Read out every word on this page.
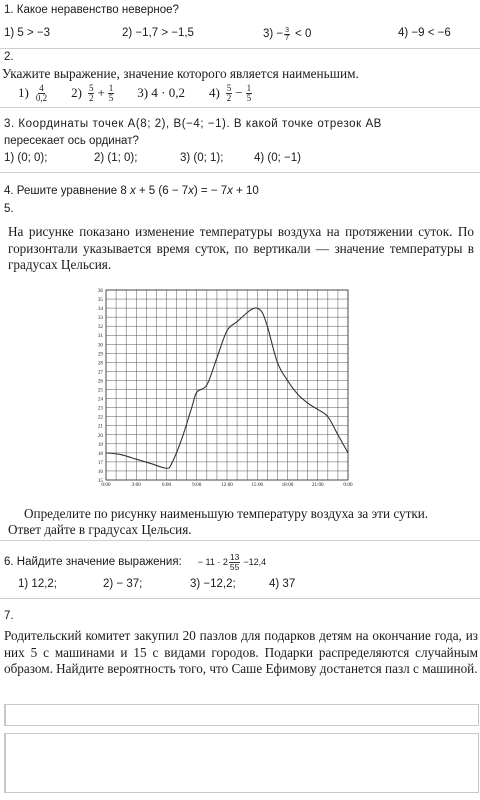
1. Какое неравенство неверное?
1) 5 > −3	2) −1,7 > −1,5	$3) - \frac{3}{7} < 0$	4) −9 < −6
2.
Укажите выражение, значение которого является наименьшим.
$1) \frac{4}{0,2} 2) \frac{5}{2} + \frac{1}{5} 3$) 4 · 0,2 $4) \frac{5}{2} - \frac{1}{5}$
3. Координаты точек A(8; 2), B(−4; −1). В какой точке отрезок AB
пересекает ось ординат?
1) (0; 0);	2) (1; 0);	3) (0; 1);	4) (0; −1)
4. Решите уравнение 8 x + 5 (6 − 7x) = − 7x + 10
5.
На рисунке показано изменение температуры воздуха на протяжении суток. По горизонтали указывается время суток, по вертикали — значение температуры в градусах Цельсия.
15
16
17
18
19
20
21
22
23
24
25
26
27
28
29
30
31
32
33
34
35
36
0:00	3:00	6:00	9:00	12:00	15:00	18:00	21:00	0:00
Определите по рисунку наименьшую температуру воздуха за эти сутки.
Ответ дайте в градусах Цельсия.
6. Найдите значение выражения: − $11 \cdot 2 \frac{13}{55} -12,4$
1) 12,2;	2) − 37;	3) −12,2;	4) 37
7.
Родительский комитет закупил 20 пазлов для подарков детям на окончание года, из них 5 с машинами и 15 с видами городов. Подарки распределяются случайным образом. Найдите вероятность того, что Саше Ефимову достанется пазл с машиной.
